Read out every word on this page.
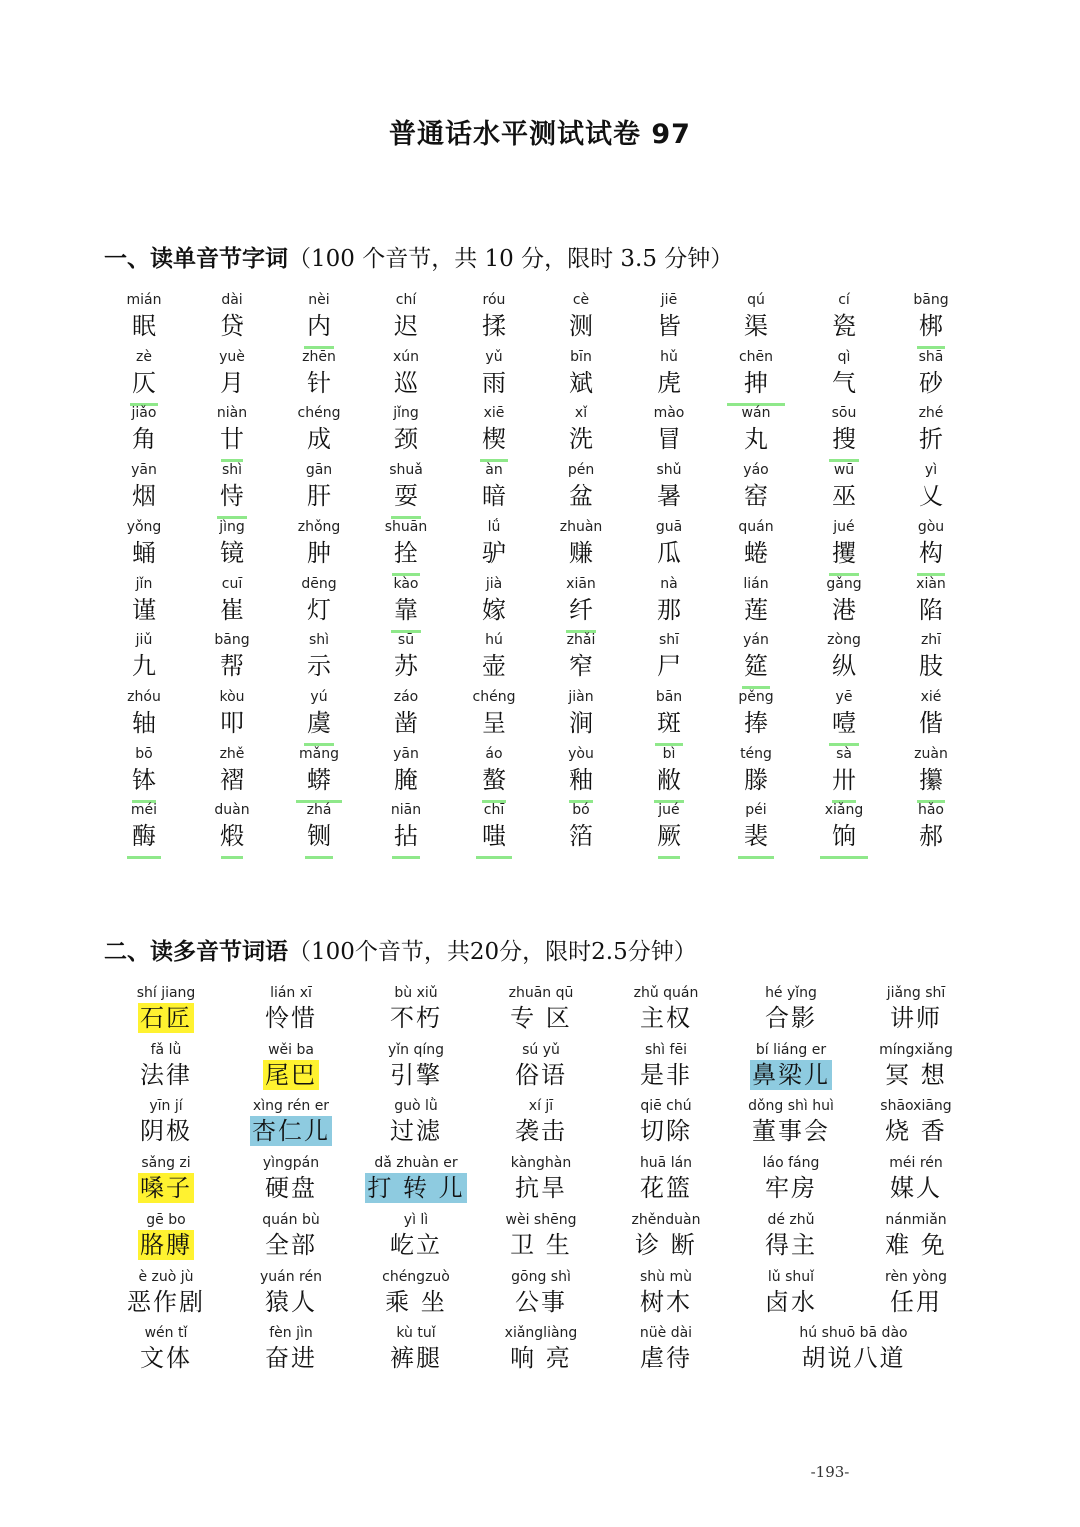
普通话水平测试试卷 97
一、读单音节字词（100 个音节，共 10 分，限时 3.5 分钟）
mián
眠
dài
贷
nèi
内
chí
迟
róu
揉
cè
测
jiē
皆
qú
渠
cí
瓷
bāng
梆
zè
仄
yuè
月
zhēn
针
xún
巡
yǔ
雨
bīn
斌
hǔ
虎
chēn
抻
qì
气
shā
砂
jiǎo
角
niàn
廿
chéng
成
jǐng
颈
xiē
楔
xǐ
洗
mào
冒
wán
丸
sōu
搜
zhé
折
yān
烟
shì
恃
gān
肝
shuǎ
耍
àn
暗
pén
盆
shǔ
暑
yáo
窑
wū
巫
yì
乂
yǒng
蛹
jìng
镜
zhǒng
肿
shuān
拴
lǘ
驴
zhuàn
赚
guā
瓜
quán
蜷
jué
攫
gòu
构
jǐn
谨
cuī
崔
dēng
灯
kào
靠
jià
嫁
xiān
纤
nà
那
lián
莲
gǎng
港
xiàn
陷
jiǔ
九
bāng
帮
shì
示
sū
苏
hú
壶
zhǎi
窄
shī
尸
yán
筵
zòng
纵
zhī
肢
zhóu
轴
kòu
叩
yú
虞
záo
凿
chéng
呈
jiàn
涧
bān
斑
pěng
捧
yē
噎
xié
偕
bō
钵
zhě
褶
mǎng
蟒
yān
腌
áo
螯
yòu
釉
bì
敝
téng
滕
sà
卅
zuàn
攥
méi
酶
duàn
煅
zhá
铡
niān
拈
chī
嗤
bó
箔
jué
厥
péi
裴
xiǎng
饷
hǎo
郝
二、读多音节词语（100个音节，共20分，限时2.5分钟）
shí jiang
石匠
lián xī
怜惜
bù xiǔ
不朽
zhuān qū
专 区
zhǔ quán
主权
hé yǐng
合影
jiǎng shī
讲师
fǎ lǜ
法律
wěi ba
尾巴
yǐn qíng
引擎
sú yǔ
俗语
shì fēi
是非
bí liáng er
鼻梁儿
míngxiǎng
冥 想
yīn jí
阴极
xìng rén er
杏仁儿
guò lǜ
过滤
xí jī
袭击
qiē chú
切除
dǒng shì huì
董事会
shāoxiāng
烧 香
sǎng zi
嗓子
yìngpán
硬盘
dǎ zhuàn er
打 转 儿
kànghàn
抗旱
huā lán
花篮
láo fáng
牢房
méi rén
媒人
gē bo
胳膊
quán bù
全部
yì lì
屹立
wèi shēng
卫 生
zhěnduàn
诊 断
dé zhǔ
得主
nánmiǎn
难 免
è zuò jù
恶作剧
yuán rén
猿人
chéngzuò
乘 坐
gōng shì
公事
shù mù
树木
lǔ shuǐ
卤水
rèn yòng
任用
wén tǐ
文体
fèn jìn
奋进
kù tuǐ
裤腿
xiǎngliàng
响 亮
nüè dài
虐待
hú shuō bā dào
胡说八道
-193-
